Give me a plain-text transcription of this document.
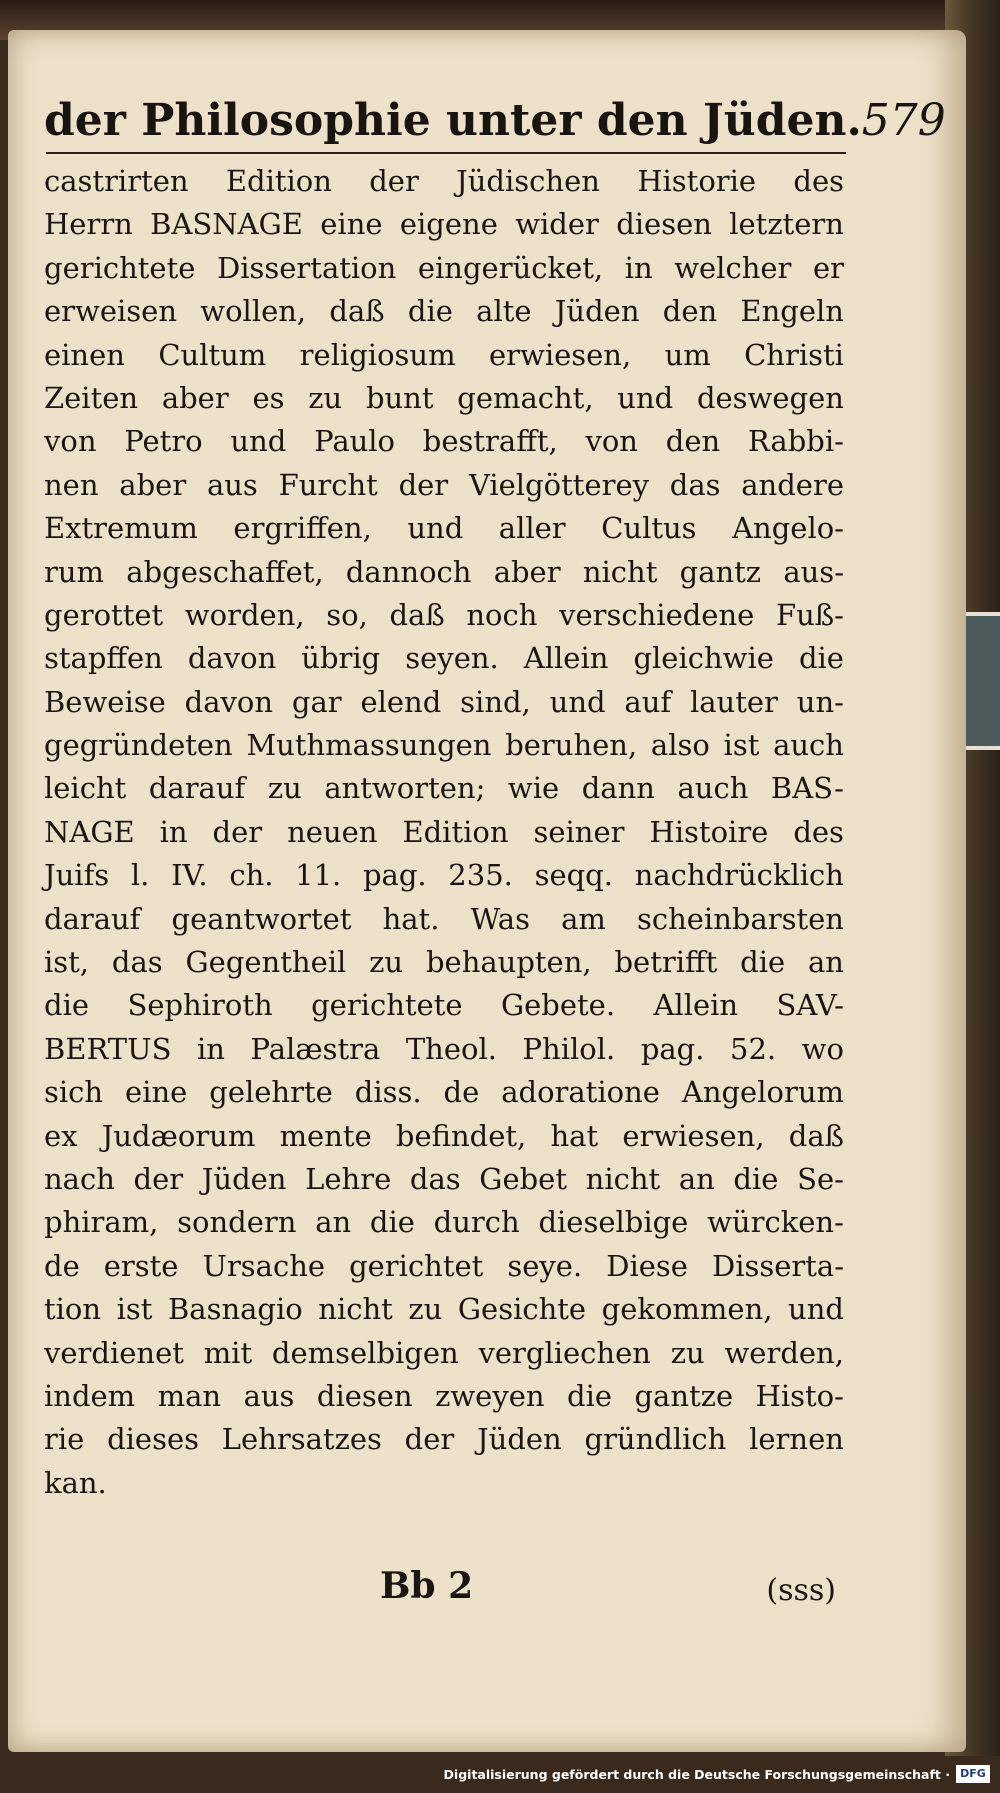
der Philosophie unter den Jüden. 579
castrirten Edition der Jüdischen Historie des
Herrn BASNAGE eine eigene wider diesen letztern
gerichtete Dissertation eingerücket, in welcher er
erweisen wollen, daß die alte Jüden den Engeln
einen Cultum religiosum erwiesen, um Christi
Zeiten aber es zu bunt gemacht, und deswegen
von Petro und Paulo bestrafft, von den Rabbi-
nen aber aus Furcht der Vielgötterey das andere
Extremum ergriffen, und aller Cultus Angelo-
rum abgeschaffet, dannoch aber nicht gantz aus-
gerottet worden, so, daß noch verschiedene Fuß-
stapffen davon übrig seyen. Allein gleichwie die
Beweise davon gar elend sind, und auf lauter un-
gegründeten Muthmassungen beruhen, also ist auch
leicht darauf zu antworten; wie dann auch BAS-
NAGE in der neuen Edition seiner Histoire des
Juifs l. IV. ch. 11. pag. 235. seqq. nachdrücklich
darauf geantwortet hat. Was am scheinbarsten
ist, das Gegentheil zu behaupten, betrifft die an
die Sephiroth gerichtete Gebete. Allein SAV-
BERTUS in Palæstra Theol. Philol. pag. 52. wo
sich eine gelehrte diss. de adoratione Angelorum
ex Judæorum mente befindet, hat erwiesen, daß
nach der Jüden Lehre das Gebet nicht an die Se-
phiram, sondern an die durch dieselbige würcken-
de erste Ursache gerichtet seye. Diese Disserta-
tion ist Basnagio nicht zu Gesichte gekommen, und
verdienet mit demselbigen vergliechen zu werden,
indem man aus diesen zweyen die gantze Histo-
rie dieses Lehrsatzes der Jüden gründlich lernen
kan.
Bb 2	(sss)
Digitalisierung gefördert durch die Deutsche Forschungsgemeinschaft · DFG
